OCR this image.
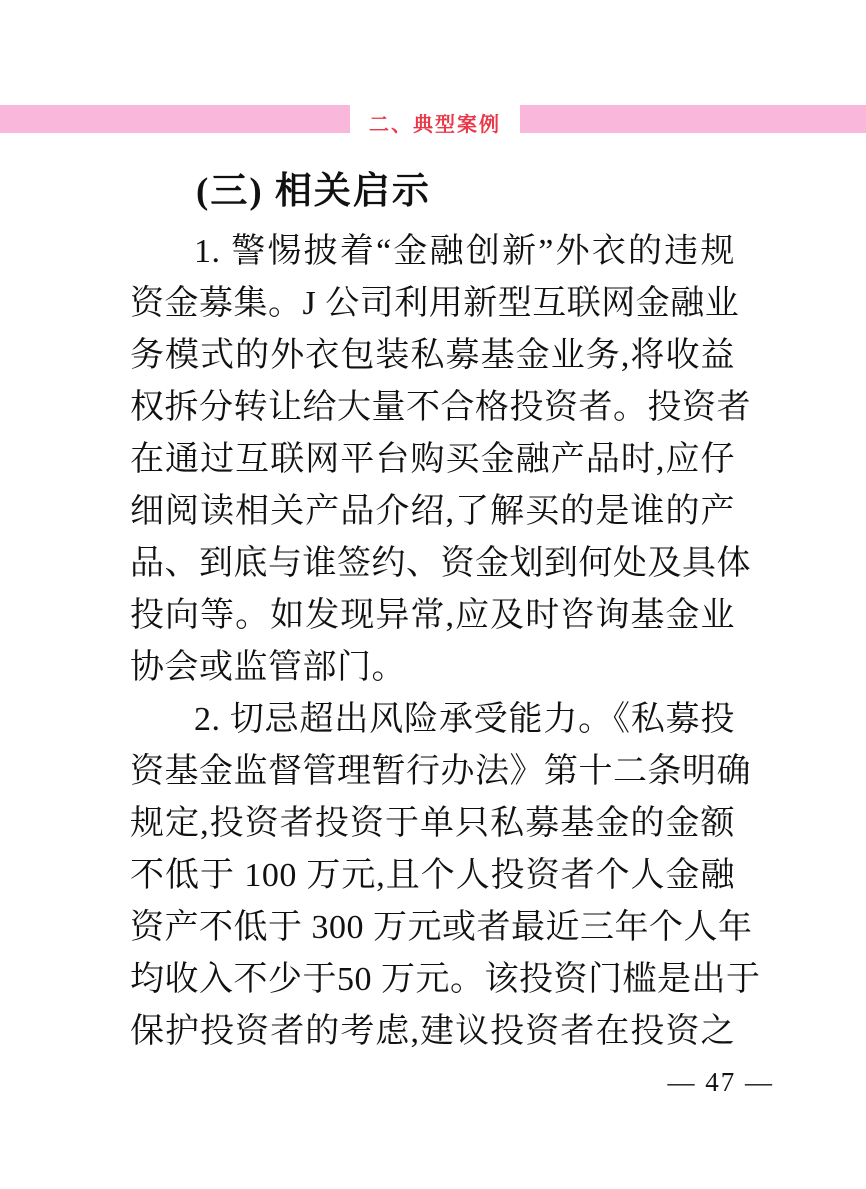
二、典型案例
(三) 相关启示
1. 警惕披着“金融创新”外衣的违规
资金募集。J 公司利用新型互联网金融业
务模式的外衣包装私募基金业务,将收益
权拆分转让给大量不合格投资者。投资者
在通过互联网平台购买金融产品时,应仔
细阅读相关产品介绍,了解买的是谁的产
品、到底与谁签约、资金划到何处及具体
投向等。如发现异常,应及时咨询基金业
协会或监管部门。
2. 切忌超出风险承受能力。《私募投
资基金监督管理暂行办法》第十二条明确
规定,投资者投资于单只私募基金的金额
不低于 100 万元,且个人投资者个人金融
资产不低于 300 万元或者最近三年个人年
均收入不少于50 万元。该投资门槛是出于
保护投资者的考虑,建议投资者在投资之
— 47 —
